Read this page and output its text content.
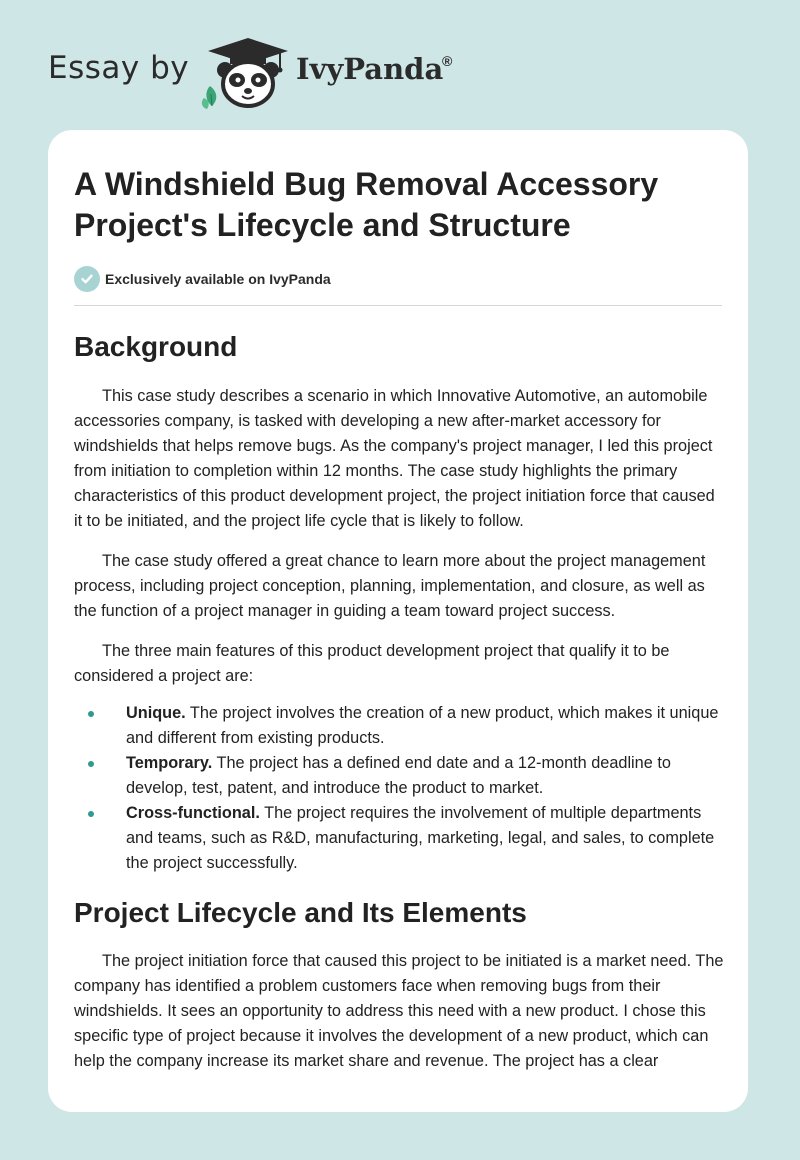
Essay by	IvyPanda
®
A Windshield Bug Removal Accessory Project's Lifecycle and Structure
Exclusively available on IvyPanda
Background

This case study describes a scenario in which Innovative Automotive, an automobile accessories company, is tasked with developing a new after-market accessory for windshields that helps remove bugs. As the company's project manager, I led this project from initiation to completion within 12 months. The case study highlights the primary characteristics of this product development project, the project initiation force that caused it to be initiated, and the project life cycle that is likely to follow.

The case study offered a great chance to learn more about the project management process, including project conception, planning, implementation, and closure, as well as the function of a project manager in guiding a team toward project success.

The three main features of this product development project that qualify it to be considered a project are:

Unique. The project involves the creation of a new product, which makes it unique and different from existing products.
Temporary. The project has a defined end date and a 12-month deadline to develop, test, patent, and introduce the product to market.
Cross-functional. The project requires the involvement of multiple departments and teams, such as R&D, manufacturing, marketing, legal, and sales, to complete the project successfully.
Project Lifecycle and Its Elements

The project initiation force that caused this project to be initiated is a market need. The company has identified a problem customers face when removing bugs from their windshields. It sees an opportunity to address this need with a new product. I chose this specific type of project because it involves the development of a new product, which can help the company increase its market share and revenue. The project has a clear
